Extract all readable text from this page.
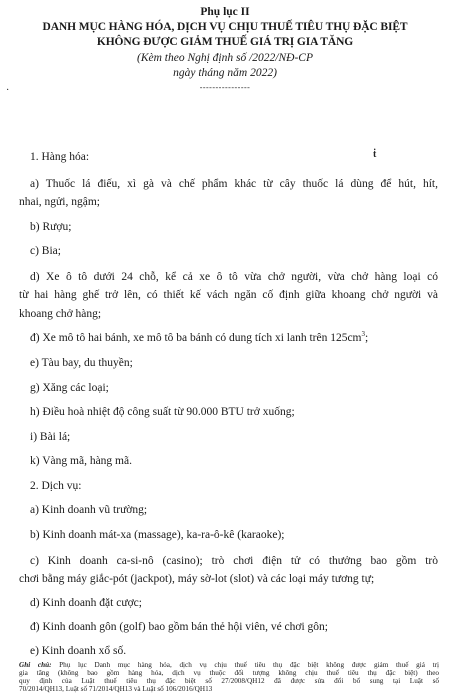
Phụ lục II
DANH MỤC HÀNG HÓA, DỊCH VỤ CHỊU THUẾ TIÊU THỤ ĐẶC BIỆT
KHÔNG ĐƯỢC GIẢM THUẾ GIÁ TRỊ GIA TĂNG
(Kèm theo Nghị định số /2022/NĐ-CP
ngày tháng năm 2022)
----------------
·
ṫ
1. Hàng hóa:
a) Thuốc lá điếu, xì gà và chế phẩm khác từ cây thuốc lá dùng để hút, hít,
nhai, ngửi, ngậm;
b) Rượu;
c) Bia;
d) Xe ô tô dưới 24 chỗ, kể cả xe ô tô vừa chở người, vừa chở hàng loại có
từ hai hàng ghế trở lên, có thiết kế vách ngăn cố định giữa khoang chở người và
khoang chở hàng;
đ) Xe mô tô hai bánh, xe mô tô ba bánh có dung tích xi lanh trên $125cm^3$;
e) Tàu bay, du thuyền;
g) Xăng các loại;
h) Điều hoà nhiệt độ công suất từ 90.000 BTU trở xuống;
i) Bài lá;
k) Vàng mã, hàng mã.
2. Dịch vụ:
a) Kinh doanh vũ trường;
b) Kinh doanh mát-xa (massage), ka-ra-ô-kê (karaoke);
c) Kinh doanh ca-si-nô (casino); trò chơi điện tử có thưởng bao gồm trò
chơi bằng máy giắc-pót (jackpot), máy sờ-lot (slot) và các loại máy tương tự;
d) Kinh doanh đặt cược;
đ) Kinh doanh gôn (golf) bao gồm bán thẻ hội viên, vé chơi gôn;
e) Kinh doanh xổ số.
Ghi chú: Phụ lục Danh mục hàng hóa, dịch vụ chịu thuế tiêu thụ đặc biệt không được giảm thuế giá trị
gia tăng (không bao gồm hàng hóa, dịch vụ thuộc đối tượng không chịu thuế tiêu thụ đặc biệt) theo
quy định của Luật thuế tiêu thụ đặc biệt số 27/2008/QH12 đã được sửa đổi bổ sung tại Luật số
70/2014/QH13, Luật số 71/2014/QH13 và Luật số 106/2016/QH13
